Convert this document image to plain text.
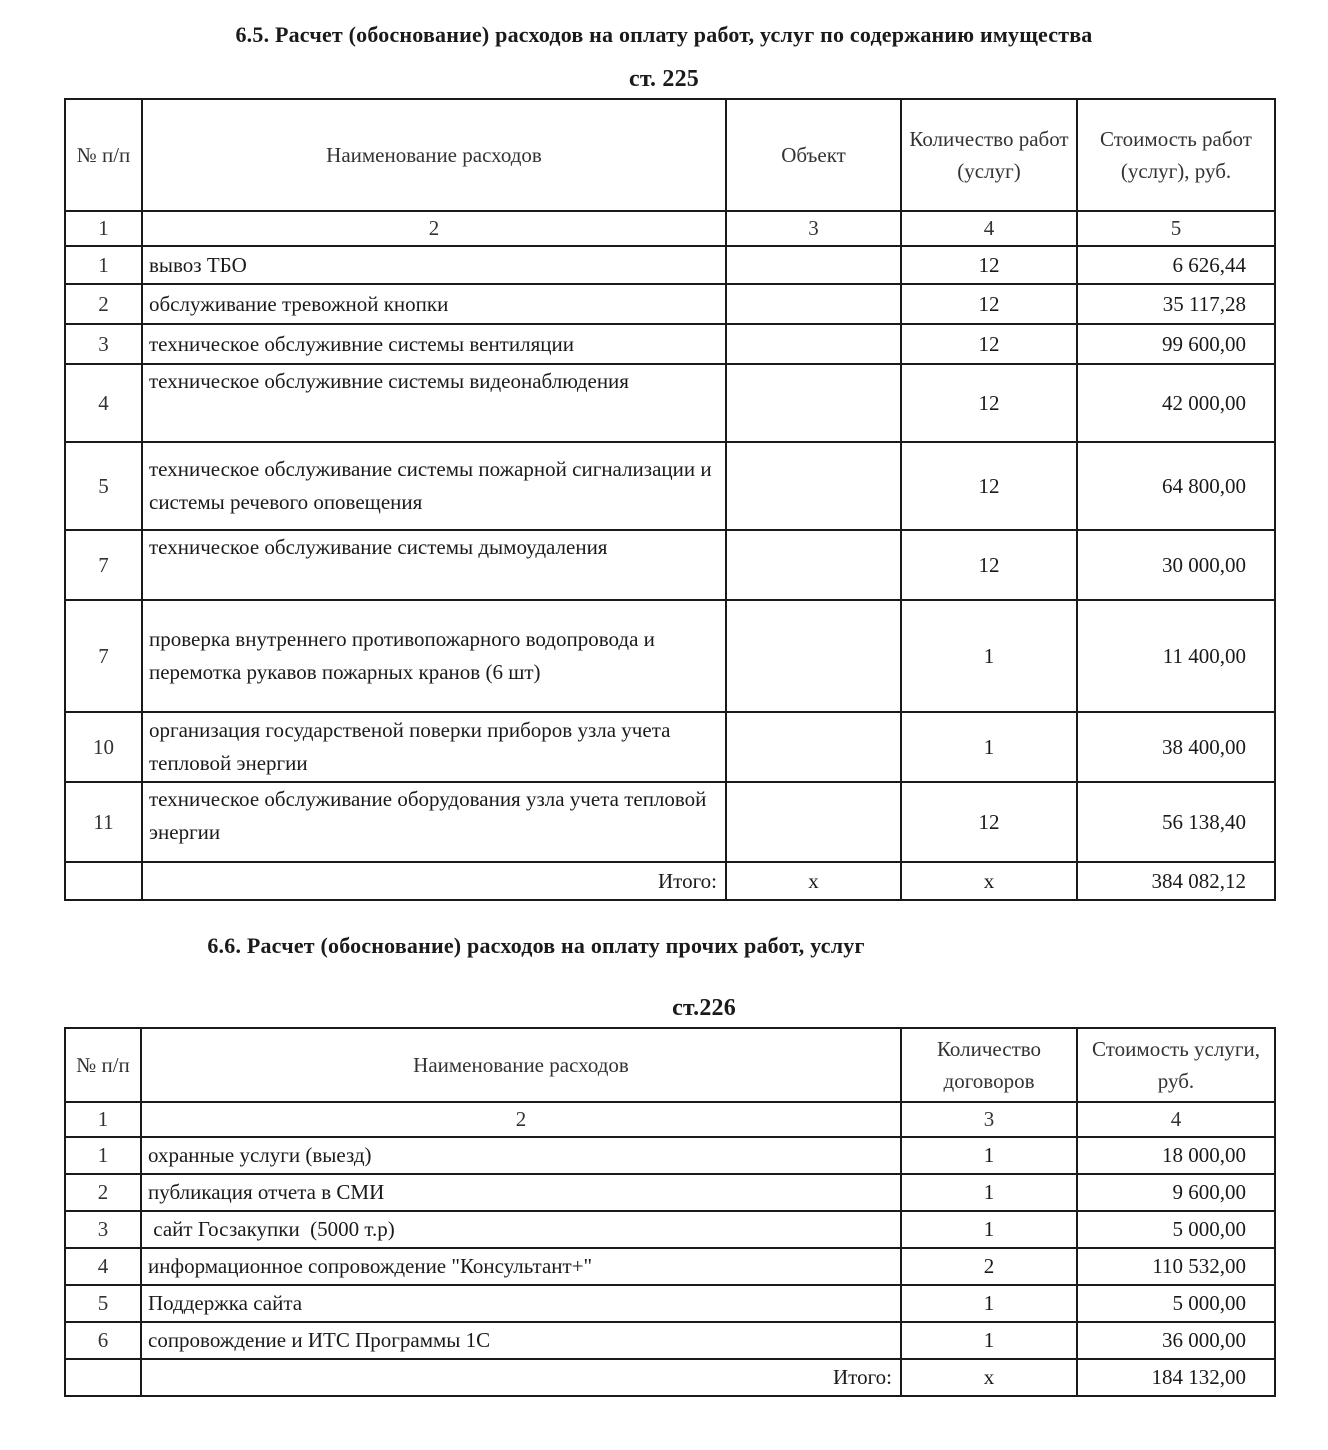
6.5. Расчет (обоснование) расходов на оплату работ, услуг по содержанию имущества
ст. 225
№ п/п	Наименование расходов	Объект	Количество работ (услуг)	Стоимость работ (услуг), руб.
1	2	3	4	5
1	вывоз ТБО		12	6 626,44
2	обслуживание тревожной кнопки		12	35 117,28
3	техническое обслуживние системы вентиляции		12	99 600,00
4	техническое обслуживние системы видеонаблюдения		12	42 000,00
5	техническое обслуживание системы пожарной сигнализации и системы речевого оповещения		12	64 800,00
7	техническое обслуживание системы дымоудаления		12	30 000,00
7	проверка внутреннего противопожарного водопровода и перемотка рукавов пожарных кранов (6 шт)		1	11 400,00
10	организация государственой поверки приборов узла учета тепловой энергии		1	38 400,00
11	техническое обслуживание оборудования узла учета тепловой энергии		12	56 138,40
	Итого:	х	х	384 082,12
6.6. Расчет (обоснование) расходов на оплату прочих работ, услуг
ст.226
№ п/п	Наименование расходов	Количество договоров	Стоимость услуги, руб.
1	2	3	4
1	охранные услуги (выезд)	1	18 000,00
2	публикация отчета в СМИ	1	9 600,00
3	сайт Госзакупки  (5000 т.р)	1	5 000,00
4	информационное сопровождение "Консультант+"	2	110 532,00
5	Поддержка сайта	1	5 000,00
6	сопровождение и ИТС Программы 1С	1	36 000,00
	Итого:	х	184 132,00
